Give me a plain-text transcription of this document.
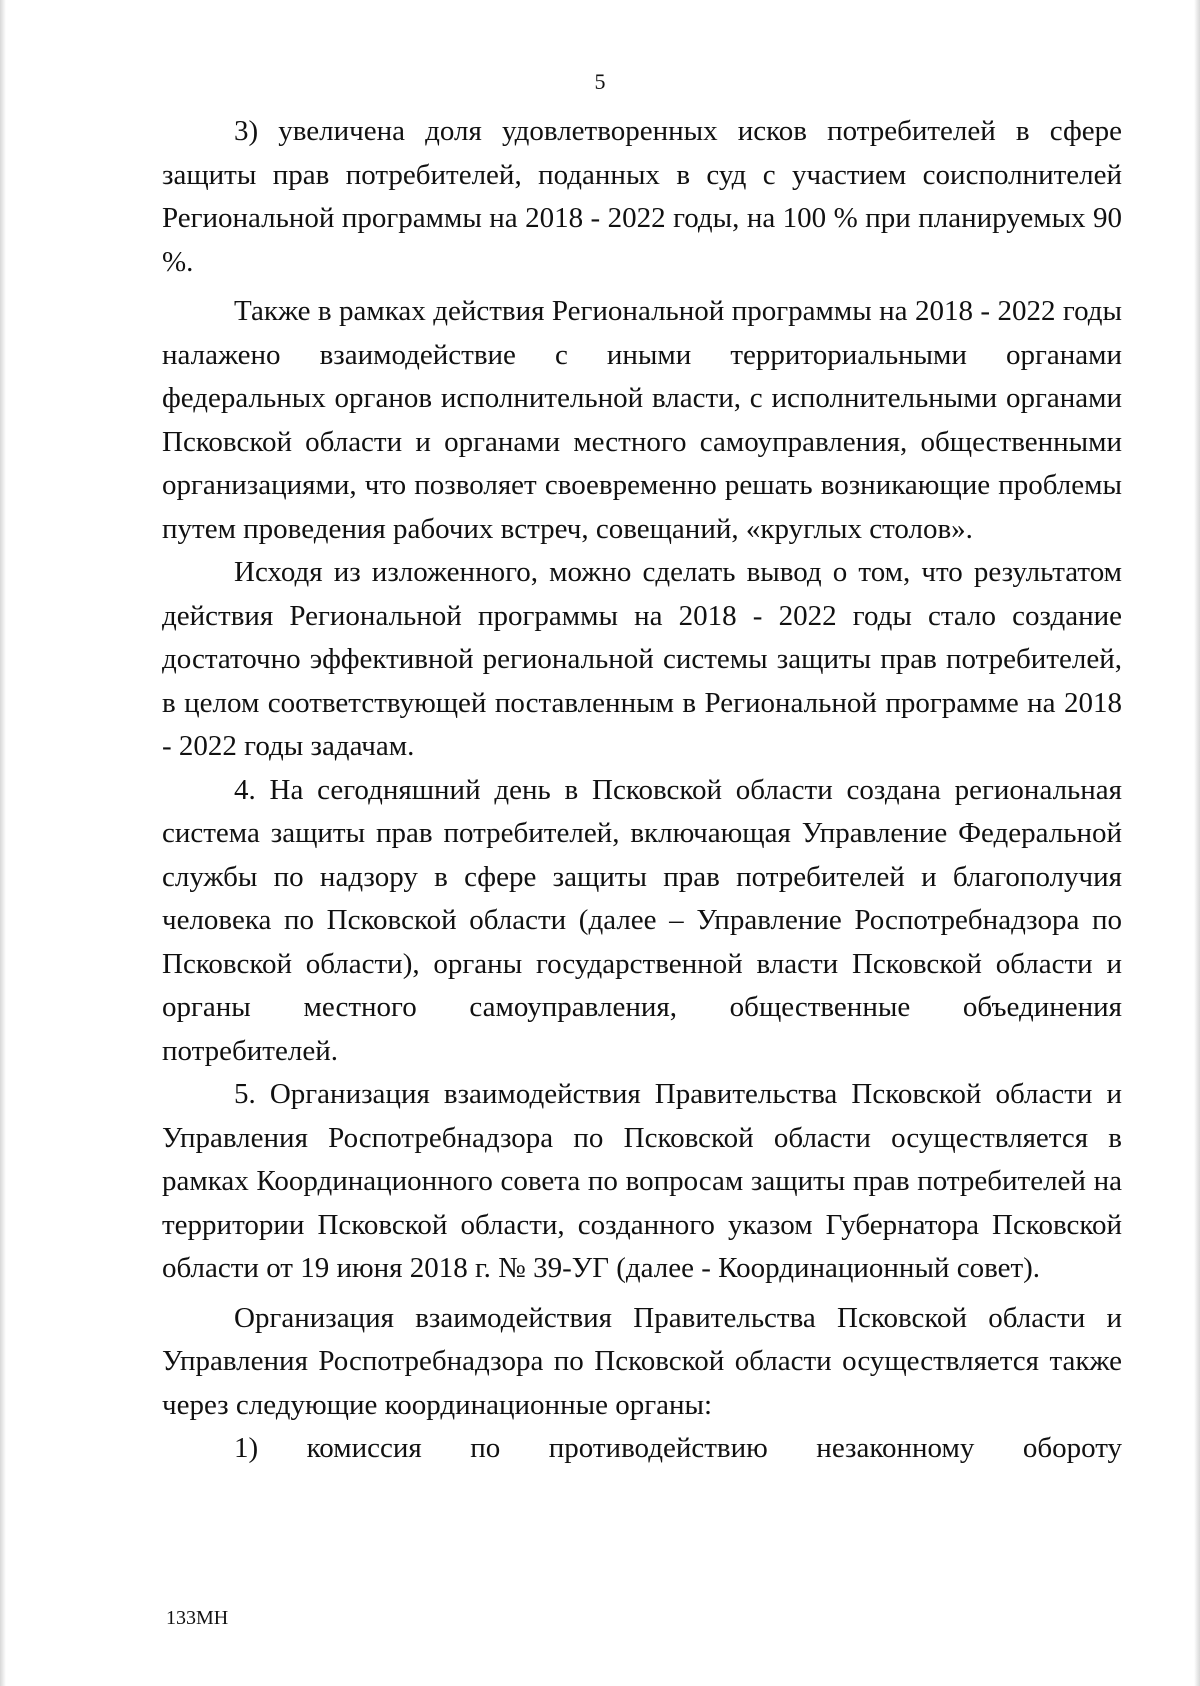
5

3) увеличена доля удовлетворенных исков потребителей в сфере защиты прав потребителей, поданных в суд с участием соисполнителей Региональной программы на 2018 - 2022 годы, на 100 % при планируемых 90 %.

Также в рамках действия Региональной программы на 2018 - 2022 годы налажено взаимодействие с иными территориальными органами федеральных органов исполнительной власти, с исполнительными органами Псковской области и органами местного самоуправления, общественными организациями, что позволяет своевременно решать возникающие проблемы путем проведения рабочих встреч, совещаний, «круглых столов».

Исходя из изложенного, можно сделать вывод о том, что результатом действия Региональной программы на 2018 - 2022 годы стало создание достаточно эффективной региональной системы защиты прав потребителей, в целом соответствующей поставленным в Региональной программе на 2018 - 2022 годы задачам.

4. На сегодняшний день в Псковской области создана региональная система защиты прав потребителей, включающая Управление Федеральной службы по надзору в сфере защиты прав потребителей и благополучия человека по Псковской области (далее – Управление Роспотребнадзора по Псковской области), органы государственной власти Псковской области и органы местного самоуправления, общественные объединения потребителей.

5. Организация взаимодействия Правительства Псковской области и Управления Роспотребнадзора по Псковской области осуществляется в рамках Координационного совета по вопросам защиты прав потребителей на территории Псковской области, созданного указом Губернатора Псковской области от 19 июня 2018 г. № 39-УГ (далее - Координационный совет).

Организация взаимодействия Правительства Псковской области и Управления Роспотребнадзора по Псковской области осуществляется также через следующие координационные органы:

1) комиссия по противодействию незаконному обороту

133МН
